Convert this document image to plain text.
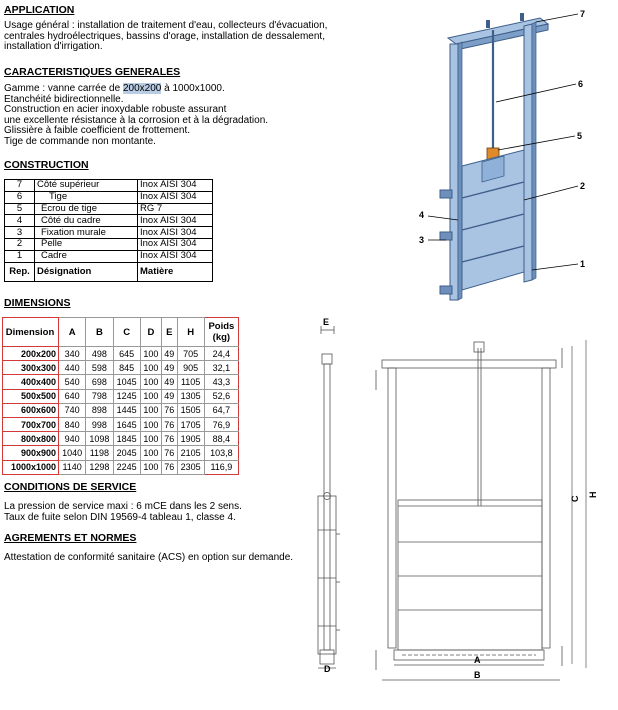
APPLICATION
Usage général : installation de traitement d'eau, collecteurs d'évacuation,
centrales hydroélectriques, bassins d'orage, installation de dessalement,
installation d'irrigation.
CARACTERISTIQUES GENERALES
Gamme : vanne carrée de 200x200 à 1000x1000.
Etanchéité bidirectionnelle.
Construction en acier inoxydable robuste assurant
une excellente résistance à la corrosion et à la dégradation.
Glissière à faible coefficient de frottement.
Tige de commande non montante.
CONSTRUCTION
7	Côté supérieur	Inox AISI 304
6	Tige	Inox AISI 304
5	Ecrou de tige	RG 7
4	Côté du cadre	Inox AISI 304
3	Fixation murale	Inox AISI 304
2	Pelle	Inox AISI 304
1	Cadre	Inox AISI 304
Rep.	Désignation	Matière
DIMENSIONS
Dimension	A	B	C	D	E	H	Poids
(kg)

200x200	340	498	645	100	49	705	24,4
300x300	440	598	845	100	49	905	32,1
400x400	540	698	1045	100	49	1105	43,3
500x500	640	798	1245	100	49	1305	52,6
600x600	740	898	1445	100	76	1505	64,7
700x700	840	998	1645	100	76	1705	76,9
800x800	940	1098	1845	100	76	1905	88,4
900x900	1040	1198	2045	100	76	2105	103,8
1000x1000	1140	1298	2245	100	76	2305	116,9
CONDITIONS DE SERVICE
La pression de service maxi : 6 mCE dans les 2 sens.
Taux de fuite selon DIN 19569-4 tableau 1, classe 4.
AGREMENTS ET NORMES
Attestation de conformité sanitaire (ACS) en option sur demande.
7
6
5
2
4
3
1
E
D
A
B
C
H
